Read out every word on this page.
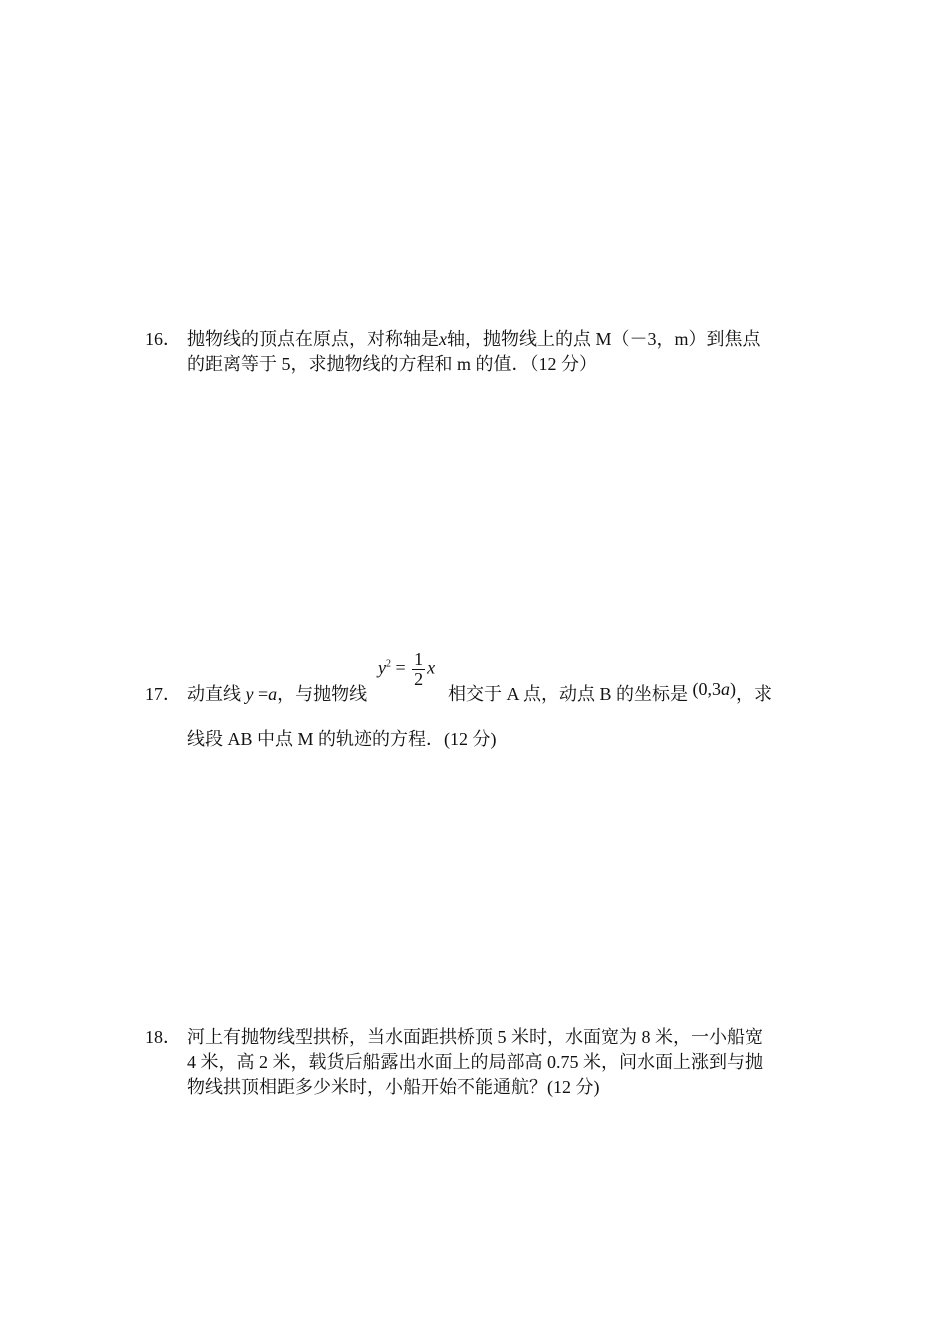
16． 抛物线的顶点在原点，对称轴是x轴，抛物线上的点 M（－3，m）到焦点
的距离等于 5，求抛物线的方程和 m 的值．（12 分）
17． 动直线 y =a，与抛物线
$y^2 = \frac{1}{2}$ x
相交于 A 点，动点 B 的坐标是 (0,3a)，求
线段 AB 中点 M 的轨迹的方程．(12 分)
18． 河上有抛物线型拱桥，当水面距拱桥顶 5 米时，水面宽为 8 米，一小船宽
4 米，高 2 米，载货后船露出水面上的局部高 0.75 米，问水面上涨到与抛
物线拱顶相距多少米时，小船开始不能通航？(12 分)
